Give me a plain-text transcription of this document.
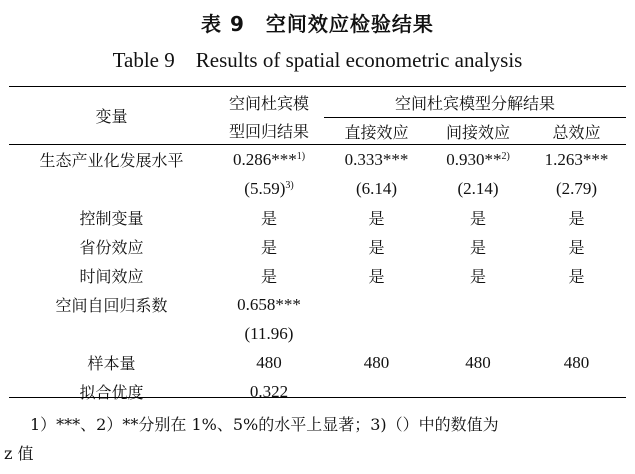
表 9　空间效应检验结果
Table 9　Results of spatial econometric analysis
变量	空间杜宾模	空间杜宾模型分解结果		
	型回归结果	直接效应	间接效应	总效应
生态产业化发展水平	0.286***$^{1)}$	0.333***	0.930**$^{2)}$	1.263***
	$(5.59)^{3)}$	(6.14)	(2.14)	(2.79)
控制变量	是	是	是	是
省份效应	是	是	是	是
时间效应	是	是	是	是
空间自回归系数	0.658***			
	(11.96)			
样本量	480	480	480	480
拟合优度	0.322			
1）***、2）**分别在 1%、5%的水平上显著；3)（）中的数值为
z 值
